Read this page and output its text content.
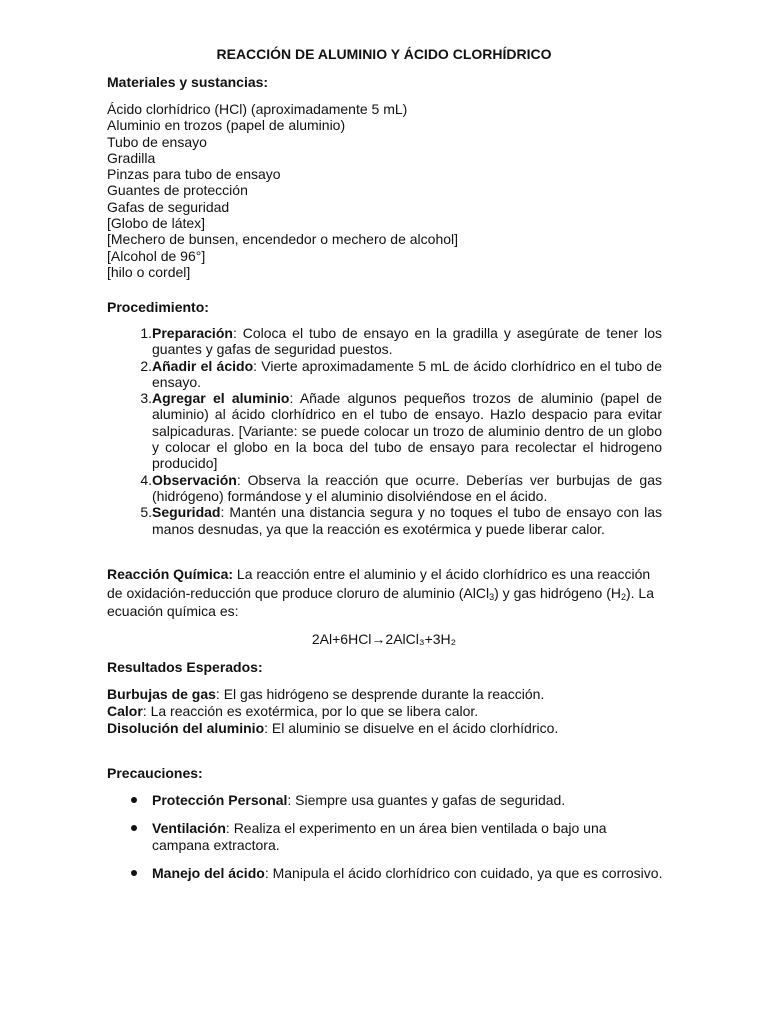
REACCIÓN DE ALUMINIO Y ÁCIDO CLORHÍDRICO
Materiales y sustancias:
Ácido clorhídrico (HCl) (aproximadamente 5 mL)
Aluminio en trozos (papel de aluminio)
Tubo de ensayo
Gradilla
Pinzas para tubo de ensayo
Guantes de protección
Gafas de seguridad
[Globo de látex]
[Mechero de bunsen, encendedor o mechero de alcohol]
[Alcohol de 96°]
[hilo o cordel]
Procedimiento:
1. Preparación: Coloca el tubo de ensayo en la gradilla y asegúrate de tener los guantes y gafas de seguridad puestos.
2. Añadir el ácido: Vierte aproximadamente 5 mL de ácido clorhídrico en el tubo de ensayo.
3. Agregar el aluminio: Añade algunos pequeños trozos de aluminio (papel de aluminio) al ácido clorhídrico en el tubo de ensayo. Hazlo despacio para evitar salpicaduras. [Variante: se puede colocar un trozo de aluminio dentro de un globo y colocar el globo en la boca del tubo de ensayo para recolectar el hidrogeno producido]
4. Observación: Observa la reacción que ocurre. Deberías ver burbujas de gas (hidrógeno) formándose y el aluminio disolviéndose en el ácido.
5. Seguridad: Mantén una distancia segura y no toques el tubo de ensayo con las manos desnudas, ya que la reacción es exotérmica y puede liberar calor.
Reacción Química: La reacción entre el aluminio y el ácido clorhídrico es una reacción de oxidación-reducción que produce cloruro de aluminio (AlCl$_3$) y gas hidrógeno $(H_2)$. La ecuación química es:
2Al+6HCl→2AlCl₃+3H₂
Resultados Esperados:
Burbujas de gas: El gas hidrógeno se desprende durante la reacción.
Calor: La reacción es exotérmica, por lo que se libera calor.
Disolución del aluminio: El aluminio se disuelve en el ácido clorhídrico.
Precauciones:
Protección Personal: Siempre usa guantes y gafas de seguridad.
Ventilación: Realiza el experimento en un área bien ventilada o bajo una campana extractora.
Manejo del ácido: Manipula el ácido clorhídrico con cuidado, ya que es corrosivo.
